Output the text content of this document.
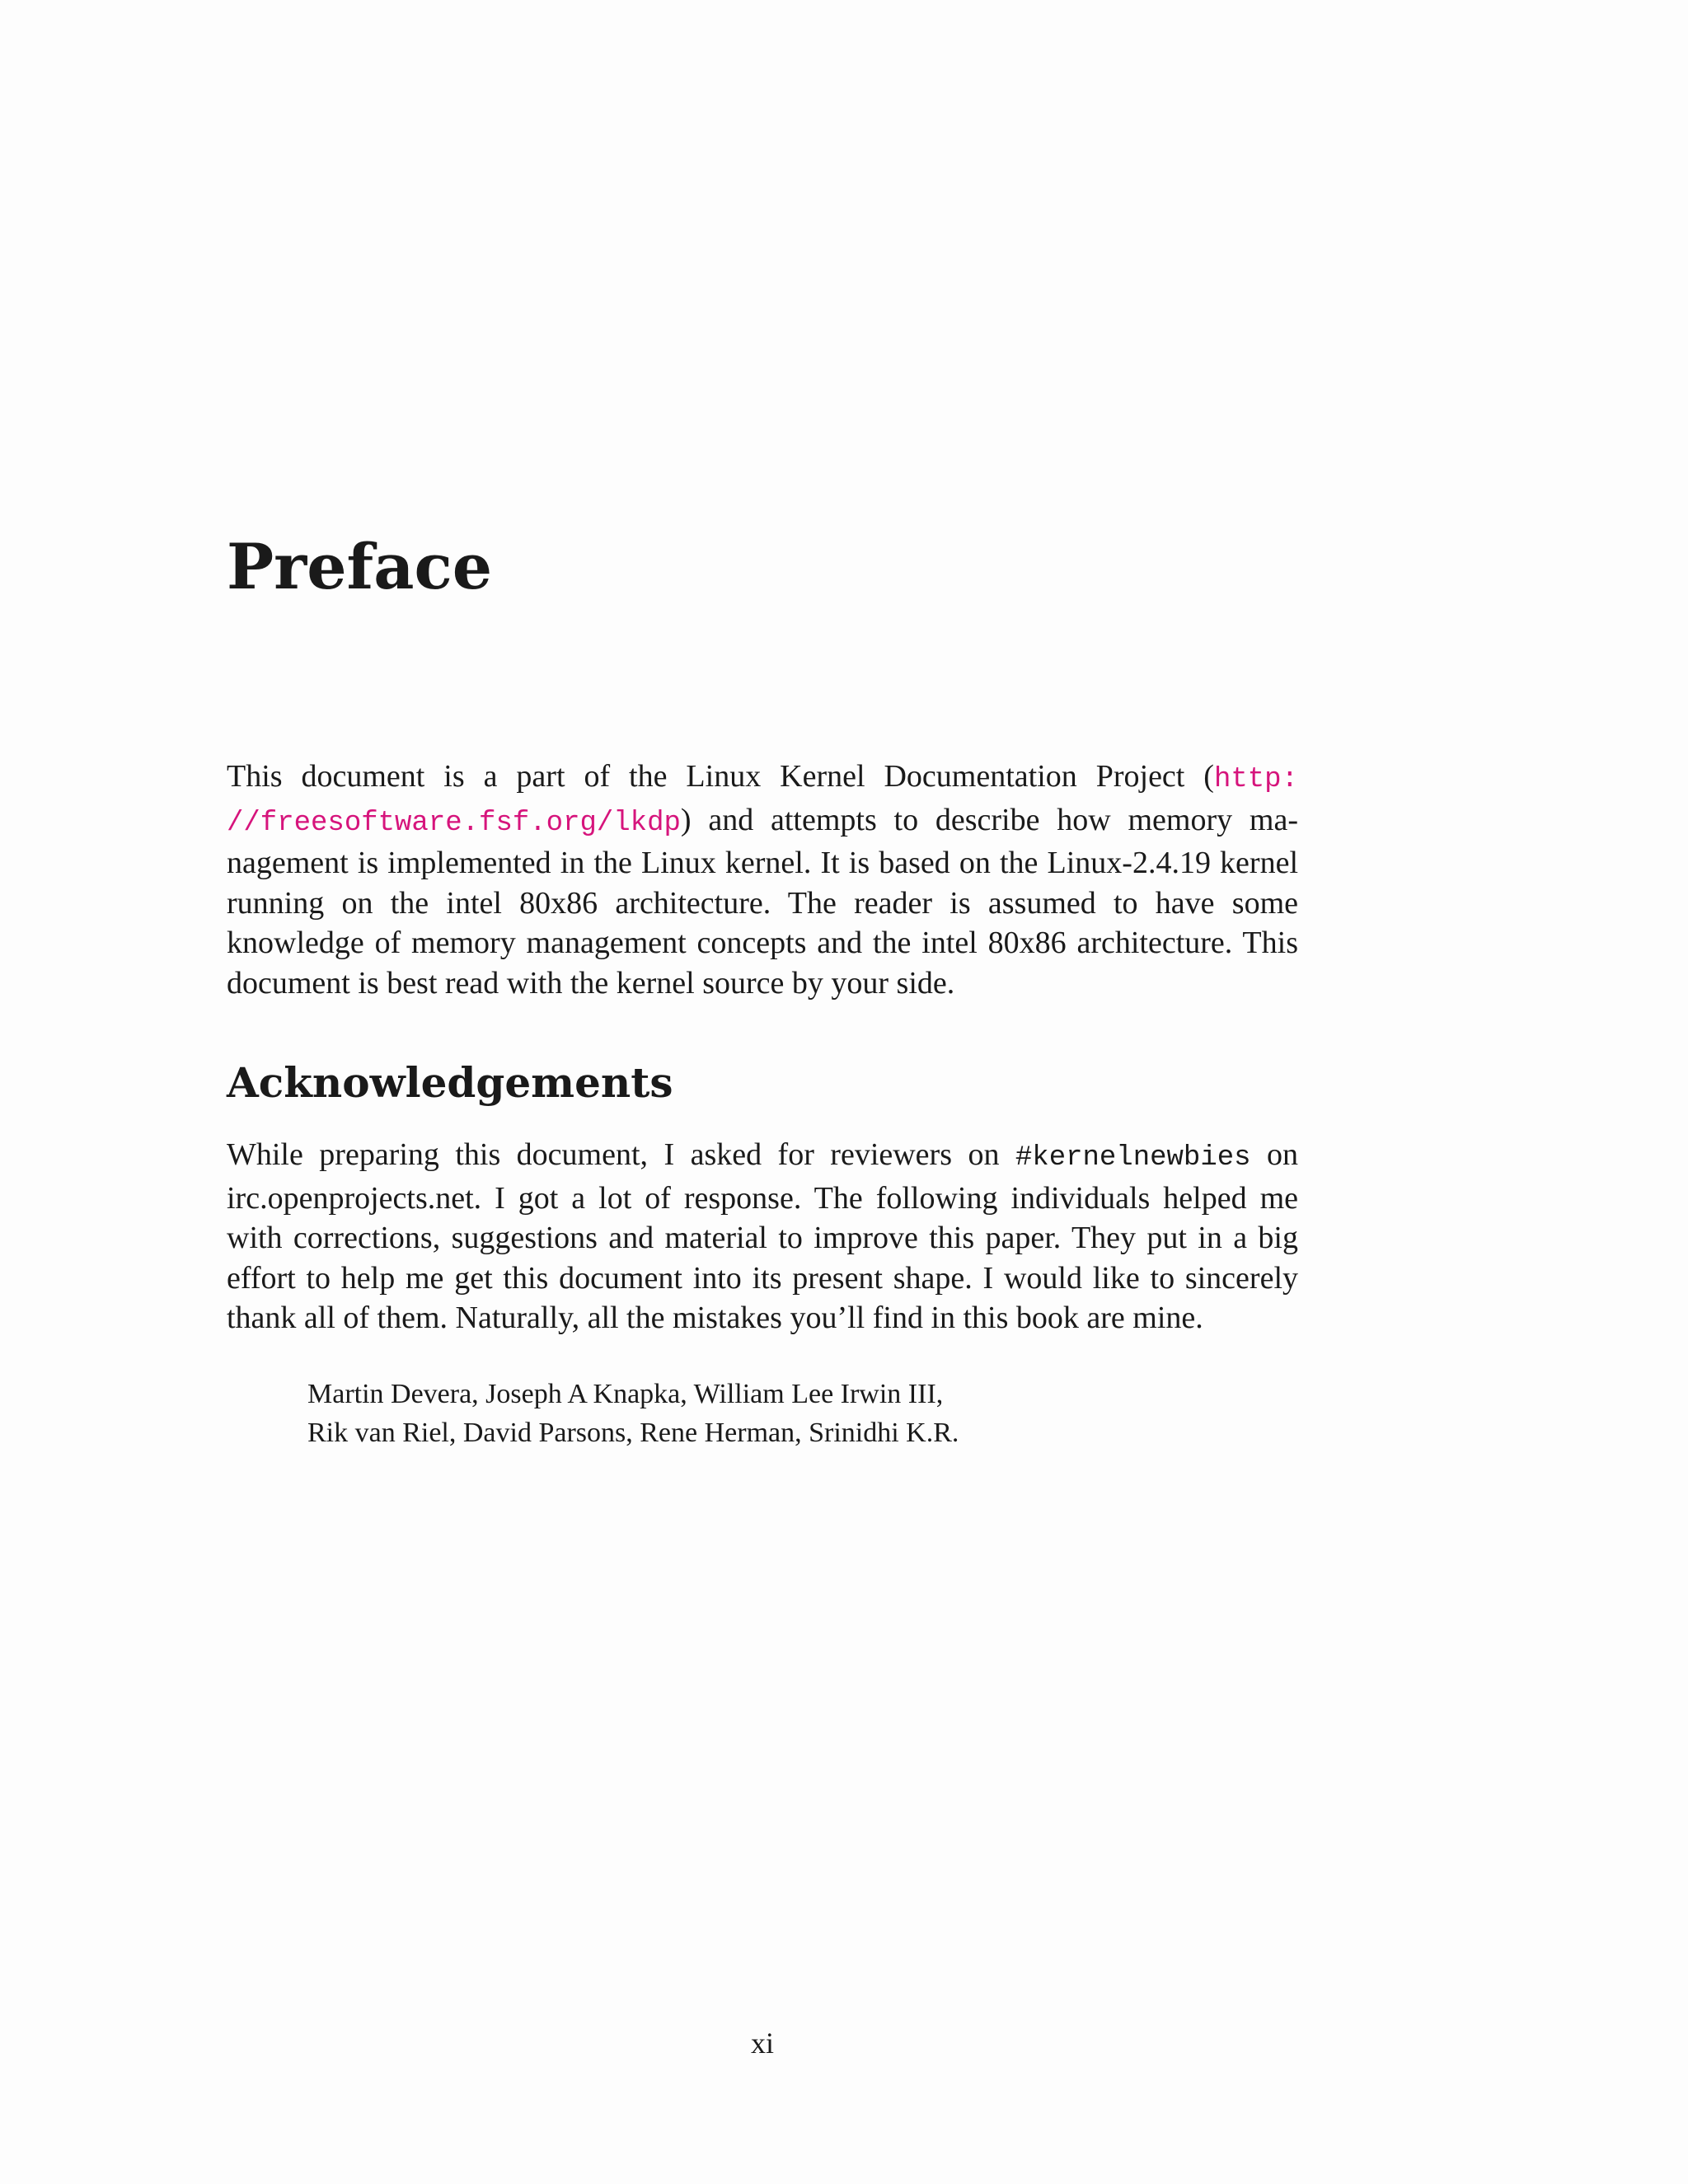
Preface

This document is a part of the Linux Kernel Documentation Project (http: //freesoftware.fsf.org/lkdp) and attempts to describe how memory management is implemented in the Linux kernel. It is based on the Linux-2.4.19 kernel running on the intel 80x86 architecture. The reader is assumed to have some knowledge of memory management concepts and the intel 80x86 architecture. This document is best read with the kernel source by your side.

Acknowledgements

While preparing this document, I asked for reviewers on #kernelnewbies on irc.openprojects.net. I got a lot of response. The following individuals helped me with corrections, suggestions and material to improve this paper. They put in a big effort to help me get this document into its present shape. I would like to sincerely thank all of them. Naturally, all the mistakes you’ll find in this book are mine.

Martin Devera, Joseph A Knapka, William Lee Irwin III,
Rik van Riel, David Parsons, Rene Herman, Srinidhi K.R.
xi
